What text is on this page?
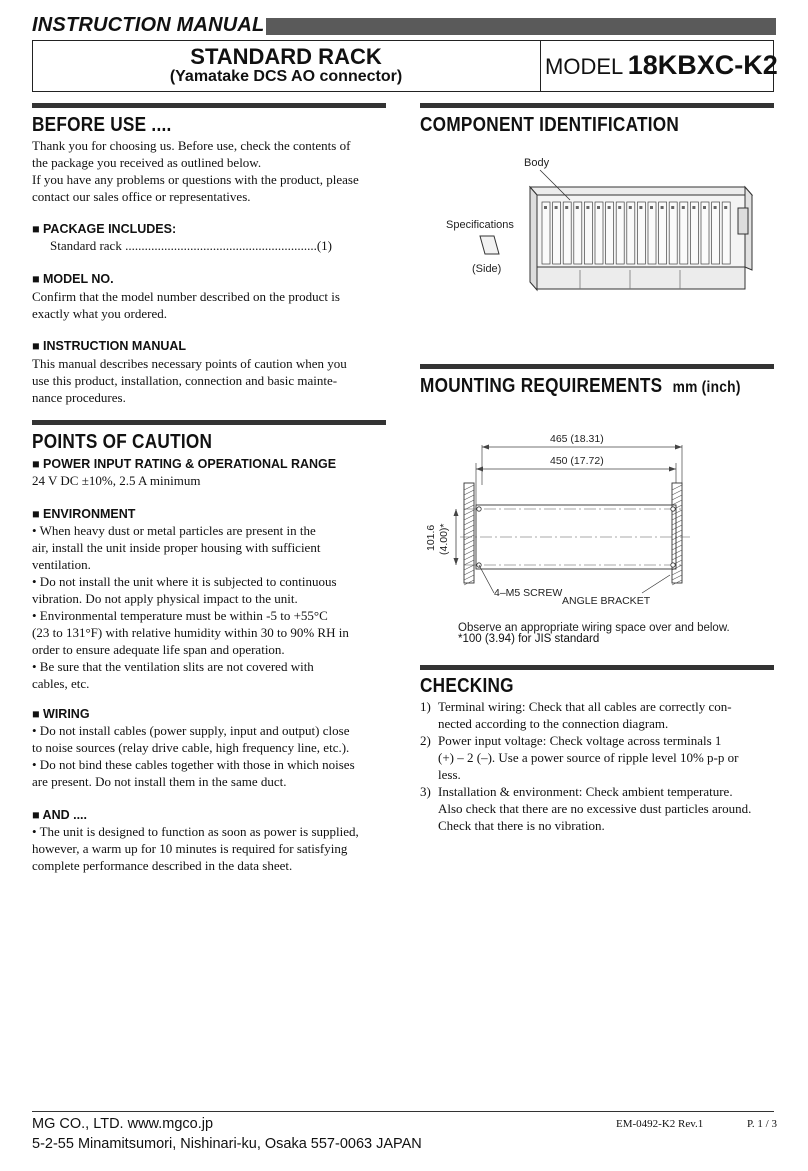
INSTRUCTION MANUAL
STANDARD RACK
(Yamatake DCS AO connector)	MODEL 18KBXC-K2
BEFORE USE ....
Thank you for choosing us. Before use, check the contents of
the package you received as outlined below.
If you have any problems or questions with the product, please
contact our sales office or representatives.
■ PACKAGE INCLUDES:
Standard rack ...........................................................(1)
■ MODEL NO.
Confirm that the model number described on the product is
exactly what you ordered.
■ INSTRUCTION MANUAL
This manual describes necessary points of caution when you
use this product, installation, connection and basic mainte-
nance procedures.
POINTS OF CAUTION
■ POWER INPUT RATING & OPERATIONAL RANGE
24 V DC ±10%, 2.5 A minimum
■ ENVIRONMENT
• When heavy dust or metal particles are present in the
air, install the unit inside proper housing with sufficient
ventilation.
• Do not install the unit where it is subjected to continuous
vibration. Do not apply physical impact to the unit.
• Environmental temperature must be within -5 to +55°C
(23 to 131°F) with relative humidity within 30 to 90% RH in
order to ensure adequate life span and operation.
• Be sure that the ventilation slits are not covered with
cables, etc.
■ WIRING
• Do not install cables (power supply, input and output) close
to noise sources (relay drive cable, high frequency line, etc.).
• Do not bind these cables together with those in which noises
are present. Do not install them in the same duct.
■ AND ....
• The unit is designed to function as soon as power is supplied,
however, a warm up for 10 minutes is required for satisfying
complete performance described in the data sheet.
COMPONENT IDENTIFICATION
Body
Specifications
(Side)
MOUNTING REQUIREMENTS mm (inch)
465 (18.31)
450 (17.72)
101.6 (4.00)*
4–M5 SCREW
ANGLE BRACKET
Observe an appropriate wiring space over and below.
*100 (3.94) for JIS standard
CHECKING
1) Terminal wiring: Check that all cables are correctly con-
nected according to the connection diagram.
2) Power input voltage: Check voltage across terminals 1
(+) – 2 (–). Use a power source of ripple level 10% p-p or
less.
3) Installation & environment: Check ambient temperature.
Also check that there are no excessive dust particles around.
Check that there is no vibration.
MG CO., LTD. www.mgco.jp
5-2-55 Minamitsumori, Nishinari-ku, Osaka 557-0063 JAPAN
EM-0492-K2 Rev.1	P. 1 / 3
